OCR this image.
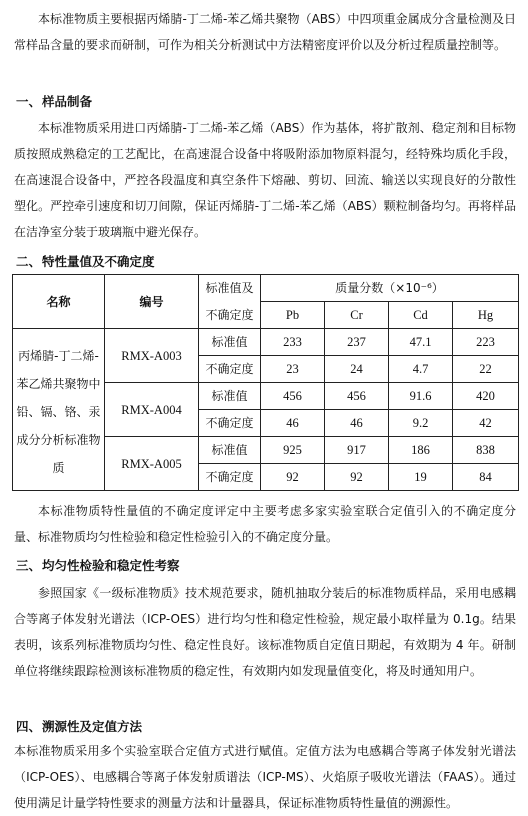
本标准物质主要根据丙烯腈-丁二烯-苯乙烯共聚物（ABS）中四项重金属成分含量检测及日常样品含量的要求而研制，可作为相关分析测试中方法精密度评价以及分析过程质量控制等。

一、样品制备

本标准物质采用进口丙烯腈-丁二烯-苯乙烯（ABS）作为基体，将扩散剂、稳定剂和目标物质按照成熟稳定的工艺配比，在高速混合设备中将吸附添加物原料混匀，经特殊均质化手段，在高速混合设备中，严控各段温度和真空条件下熔融、剪切、回流、输送以实现良好的分散性塑化。严控牵引速度和切刀间隙，保证丙烯腈-丁二烯-苯乙烯（ABS）颗粒制备均匀。再将样品在洁净室分装于玻璃瓶中避光保存。

二、特性量值及不确定度
名称	编号	标准值及	质量分数（×10⁻⁶）			
		不确定度	Pb	Cr	Cd	Hg
丙烯腈-丁二烯-苯乙烯共聚物中铅、镉、铬、汞成分分析标准物质	RMX-A003	标准值	233	237	47.1	223
		不确定度	23	24	4.7	22
	RMX-A004	标准值	456	456	91.6	420
		不确定度	46	46	9.2	42
	RMX-A005	标准值	925	917	186	838
		不确定度	92	92	19	84

本标准物质特性量值的不确定度评定中主要考虑多家实验室联合定值引入的不确定度分量、标准物质均匀性检验和稳定性检验引入的不确定度分量。

三、均匀性检验和稳定性考察

参照国家《一级标准物质》技术规范要求，随机抽取分装后的标准物质样品，采用电感耦合等离子体发射光谱法（ICP-OES）进行均匀性和稳定性检验，规定最小取样量为 0.1g。结果表明，该系列标准物质均匀性、稳定性良好。该标准物质自定值日期起，有效期为 4 年。研制单位将继续跟踪检测该标准物质的稳定性，有效期内如发现量值变化，将及时通知用户。

四、溯源性及定值方法

本标准物质采用多个实验室联合定值方式进行赋值。定值方法为电感耦合等离子体发射光谱法（ICP-OES）、电感耦合等离子体发射质谱法（ICP-MS）、火焰原子吸收光谱法（FAAS）。通过使用满足计量学特性要求的测量方法和计量器具，保证标准物质特性量值的溯源性。
